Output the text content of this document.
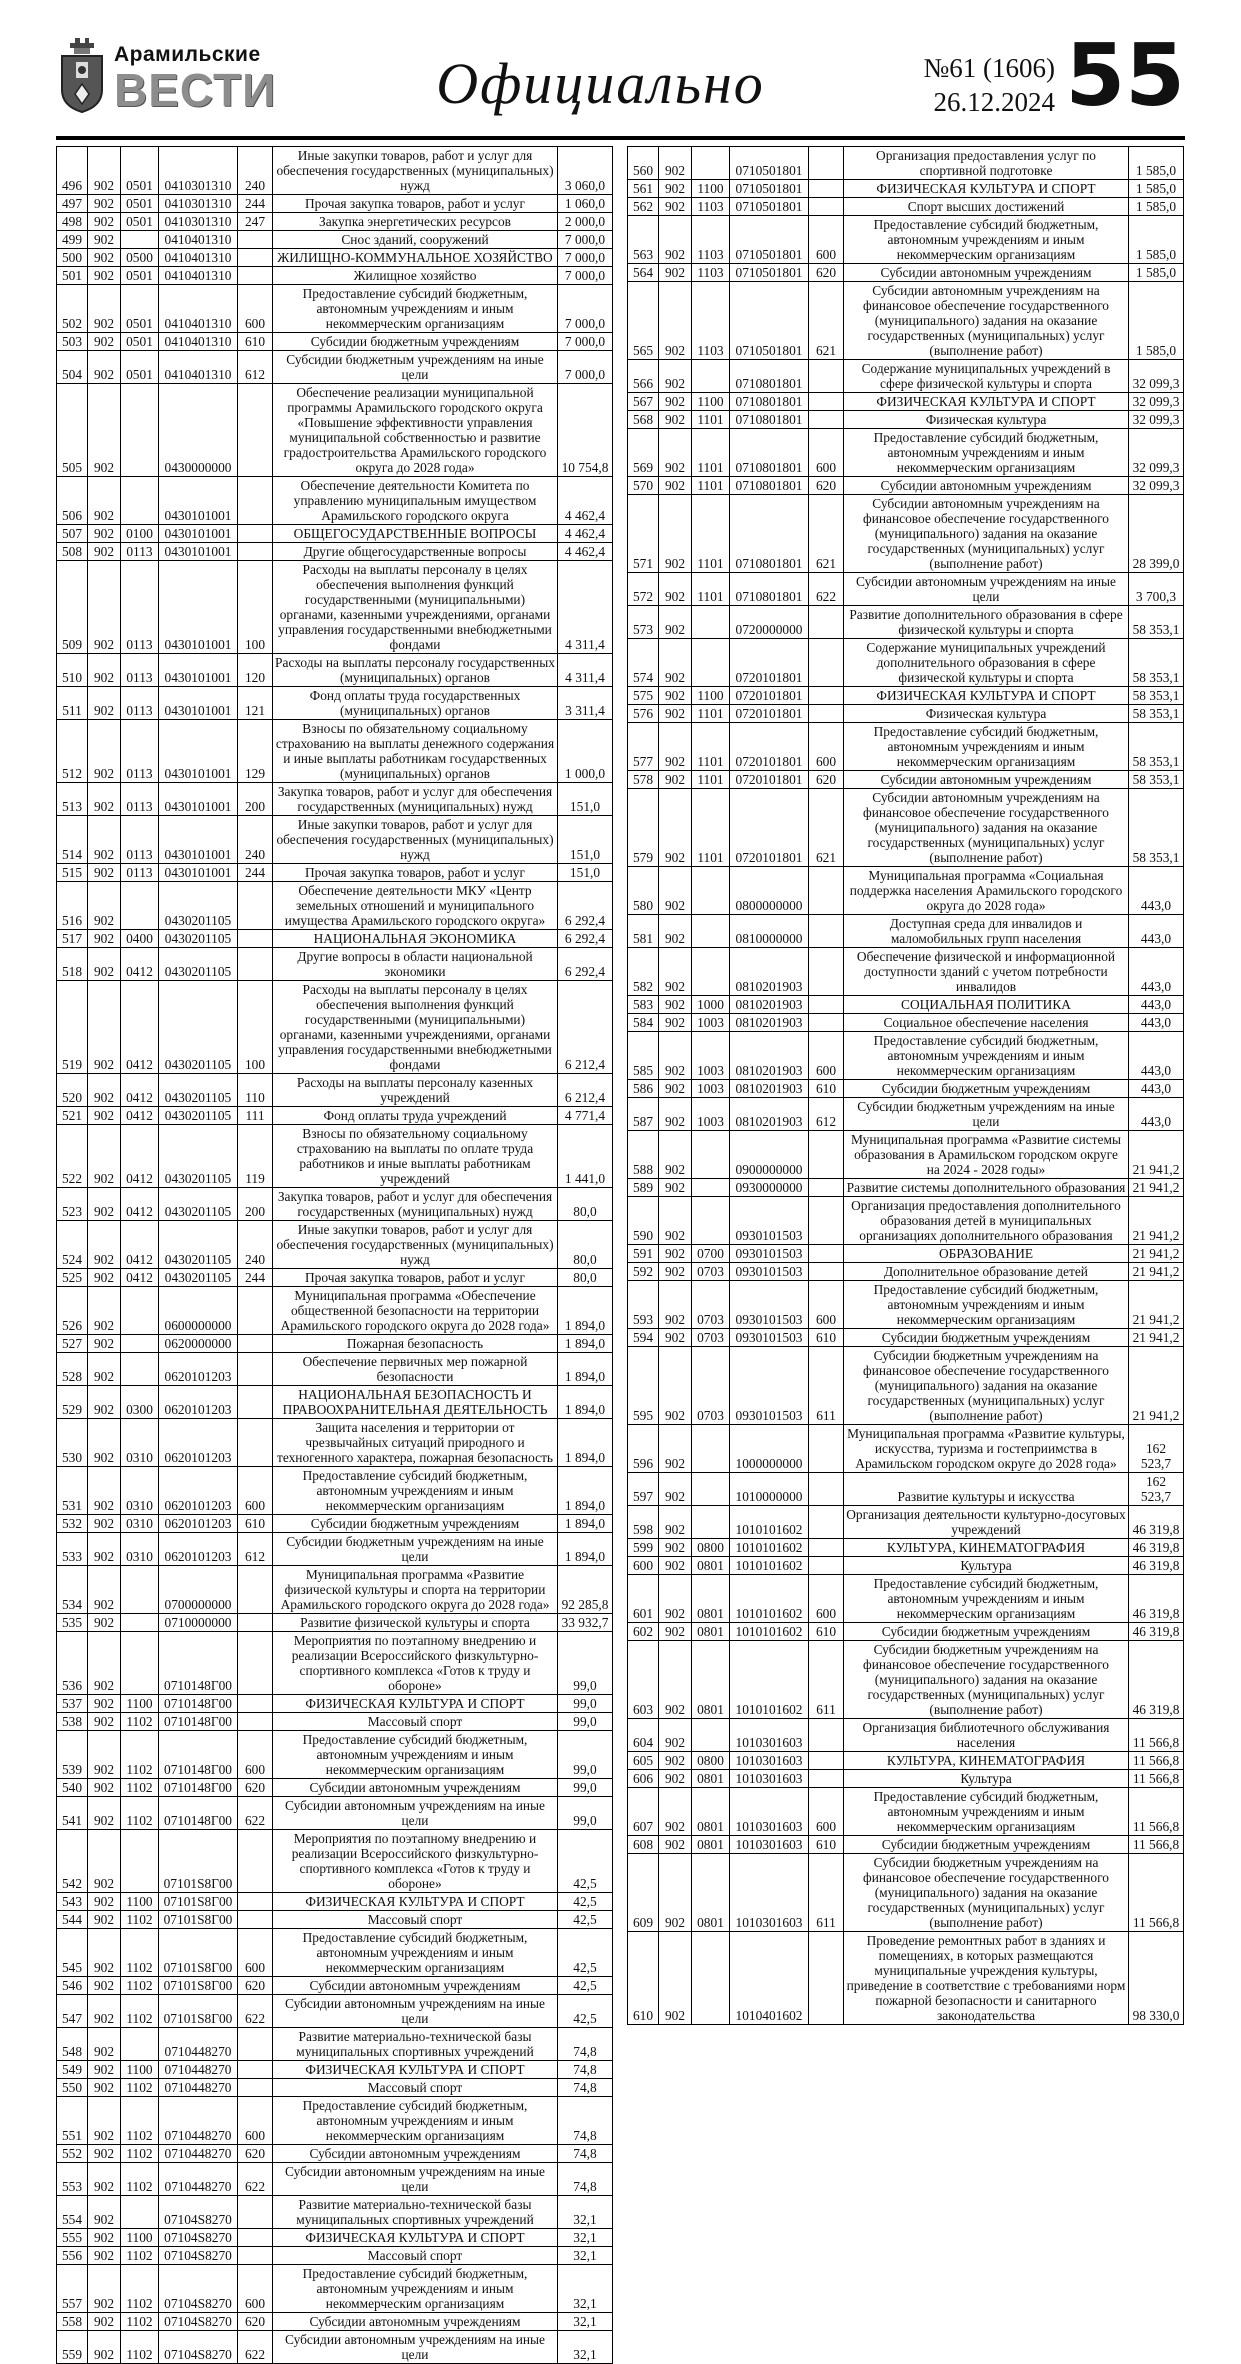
Арамильские
ВЕСТИ	Официально	№61 (1606)
26.12.2024 55
496	902	0501	0410301310	240	Иные закупки товаров, работ и услуг для обеспечения государственных (муниципальных) нужд	3 060,0
497	902	0501	0410301310	244	Прочая закупка товаров, работ и услуг	1 060,0
498	902	0501	0410301310	247	Закупка энергетических ресурсов	2 000,0
499	902		0410401310		Снос зданий, сооружений	7 000,0
500	902	0500	0410401310		ЖИЛИЩНО-КОММУНАЛЬНОЕ ХОЗЯЙСТВО	7 000,0
501	902	0501	0410401310		Жилищное хозяйство	7 000,0
502	902	0501	0410401310	600	Предоставление субсидий бюджетным, автономным учреждениям и иным некоммерческим организациям	7 000,0
503	902	0501	0410401310	610	Субсидии бюджетным учреждениям	7 000,0
504	902	0501	0410401310	612	Субсидии бюджетным учреждениям на иные цели	7 000,0
505	902		0430000000		Обеспечение реализации муниципальной программы Арамильского городского округа «Повышение эффективности управления муниципальной собственностью и развитие градостроительства Арамильского городского округа до 2028 года»	10 754,8
506	902		0430101001		Обеспечение деятельности Комитета по управлению муниципальным имуществом Арамильского городского округа	4 462,4
507	902	0100	0430101001		ОБЩЕГОСУДАРСТВЕННЫЕ ВОПРОСЫ	4 462,4
508	902	0113	0430101001		Другие общегосударственные вопросы	4 462,4
509	902	0113	0430101001	100	Расходы на выплаты персоналу в целях обеспечения выполнения функций государственными (муниципальными) органами, казенными учреждениями, органами управления государственными внебюджетными фондами	4 311,4
510	902	0113	0430101001	120	Расходы на выплаты персоналу государственных (муниципальных) органов	4 311,4
511	902	0113	0430101001	121	Фонд оплаты труда государственных (муниципальных) органов	3 311,4
512	902	0113	0430101001	129	Взносы по обязательному социальному страхованию на выплаты денежного содержания и иные выплаты работникам государственных (муниципальных) органов	1 000,0
513	902	0113	0430101001	200	Закупка товаров, работ и услуг для обеспечения государственных (муниципальных) нужд	151,0
514	902	0113	0430101001	240	Иные закупки товаров, работ и услуг для обеспечения государственных (муниципальных) нужд	151,0
515	902	0113	0430101001	244	Прочая закупка товаров, работ и услуг	151,0
516	902		0430201105		Обеспечение деятельности МКУ «Центр земельных отношений и муниципального имущества Арамильского городского округа»	6 292,4
517	902	0400	0430201105		НАЦИОНАЛЬНАЯ ЭКОНОМИКА	6 292,4
518	902	0412	0430201105		Другие вопросы в области национальной экономики	6 292,4
519	902	0412	0430201105	100	Расходы на выплаты персоналу в целях обеспечения выполнения функций государственными (муниципальными) органами, казенными учреждениями, органами управления государственными внебюджетными фондами	6 212,4
520	902	0412	0430201105	110	Расходы на выплаты персоналу казенных учреждений	6 212,4
521	902	0412	0430201105	111	Фонд оплаты труда учреждений	4 771,4
522	902	0412	0430201105	119	Взносы по обязательному социальному страхованию на выплаты по оплате труда работников и иные выплаты работникам учреждений	1 441,0
523	902	0412	0430201105	200	Закупка товаров, работ и услуг для обеспечения государственных (муниципальных) нужд	80,0
524	902	0412	0430201105	240	Иные закупки товаров, работ и услуг для обеспечения государственных (муниципальных) нужд	80,0
525	902	0412	0430201105	244	Прочая закупка товаров, работ и услуг	80,0
526	902		0600000000		Муниципальная программа «Обеспечение общественной безопасности на территории Арамильского городского округа до 2028 года»	1 894,0
527	902		0620000000		Пожарная безопасность	1 894,0
528	902		0620101203		Обеспечение первичных мер пожарной безопасности	1 894,0
529	902	0300	0620101203		НАЦИОНАЛЬНАЯ БЕЗОПАСНОСТЬ И ПРАВООХРАНИТЕЛЬНАЯ ДЕЯТЕЛЬНОСТЬ	1 894,0
530	902	0310	0620101203		Защита населения и территории от чрезвычайных ситуаций природного и техногенного характера, пожарная безопасность	1 894,0
531	902	0310	0620101203	600	Предоставление субсидий бюджетным, автономным учреждениям и иным некоммерческим организациям	1 894,0
532	902	0310	0620101203	610	Субсидии бюджетным учреждениям	1 894,0
533	902	0310	0620101203	612	Субсидии бюджетным учреждениям на иные цели	1 894,0
534	902		0700000000		Муниципальная программа «Развитие физической культуры и спорта на территории Арамильского городского округа до 2028 года»	92 285,8
535	902		0710000000		Развитие физической культуры и спорта	33 932,7
536	902		0710148Г00		Мероприятия по поэтапному внедрению и реализации Всероссийского физкультурно-спортивного комплекса «Готов к труду и обороне»	99,0
537	902	1100	0710148Г00		ФИЗИЧЕСКАЯ КУЛЬТУРА И СПОРТ	99,0
538	902	1102	0710148Г00		Массовый спорт	99,0
539	902	1102	0710148Г00	600	Предоставление субсидий бюджетным, автономным учреждениям и иным некоммерческим организациям	99,0
540	902	1102	0710148Г00	620	Субсидии автономным учреждениям	99,0
541	902	1102	0710148Г00	622	Субсидии автономным учреждениям на иные цели	99,0
542	902		07101S8Г00		Мероприятия по поэтапному внедрению и реализации Всероссийского физкультурно-спортивного комплекса «Готов к труду и обороне»	42,5
543	902	1100	07101S8Г00		ФИЗИЧЕСКАЯ КУЛЬТУРА И СПОРТ	42,5
544	902	1102	07101S8Г00		Массовый спорт	42,5
545	902	1102	07101S8Г00	600	Предоставление субсидий бюджетным, автономным учреждениям и иным некоммерческим организациям	42,5
546	902	1102	07101S8Г00	620	Субсидии автономным учреждениям	42,5
547	902	1102	07101S8Г00	622	Субсидии автономным учреждениям на иные цели	42,5
548	902		0710448270		Развитие материально-технической базы муниципальных спортивных учреждений	74,8
549	902	1100	0710448270		ФИЗИЧЕСКАЯ КУЛЬТУРА И СПОРТ	74,8
550	902	1102	0710448270		Массовый спорт	74,8
551	902	1102	0710448270	600	Предоставление субсидий бюджетным, автономным учреждениям и иным некоммерческим организациям	74,8
552	902	1102	0710448270	620	Субсидии автономным учреждениям	74,8
553	902	1102	0710448270	622	Субсидии автономным учреждениям на иные цели	74,8
554	902		07104S8270		Развитие материально-технической базы муниципальных спортивных учреждений	32,1
555	902	1100	07104S8270		ФИЗИЧЕСКАЯ КУЛЬТУРА И СПОРТ	32,1
556	902	1102	07104S8270		Массовый спорт	32,1
557	902	1102	07104S8270	600	Предоставление субсидий бюджетным, автономным учреждениям и иным некоммерческим организациям	32,1
558	902	1102	07104S8270	620	Субсидии автономным учреждениям	32,1
559	902	1102	07104S8270	622	Субсидии автономным учреждениям на иные цели	32,1
560	902		0710501801		Организация предоставления услуг по спортивной подготовке	1 585,0
561	902	1100	0710501801		ФИЗИЧЕСКАЯ КУЛЬТУРА И СПОРТ	1 585,0
562	902	1103	0710501801		Спорт высших достижений	1 585,0
563	902	1103	0710501801	600	Предоставление субсидий бюджетным, автономным учреждениям и иным некоммерческим организациям	1 585,0
564	902	1103	0710501801	620	Субсидии автономным учреждениям	1 585,0
565	902	1103	0710501801	621	Субсидии автономным учреждениям на финансовое обеспечение государственного (муниципального) задания на оказание государственных (муниципальных) услуг (выполнение работ)	1 585,0
566	902		0710801801		Содержание муниципальных учреждений в сфере физической культуры и спорта	32 099,3
567	902	1100	0710801801		ФИЗИЧЕСКАЯ КУЛЬТУРА И СПОРТ	32 099,3
568	902	1101	0710801801		Физическая культура	32 099,3
569	902	1101	0710801801	600	Предоставление субсидий бюджетным, автономным учреждениям и иным некоммерческим организациям	32 099,3
570	902	1101	0710801801	620	Субсидии автономным учреждениям	32 099,3
571	902	1101	0710801801	621	Субсидии автономным учреждениям на финансовое обеспечение государственного (муниципального) задания на оказание государственных (муниципальных) услуг (выполнение работ)	28 399,0
572	902	1101	0710801801	622	Субсидии автономным учреждениям на иные цели	3 700,3
573	902		0720000000		Развитие дополнительного образования в сфере физической культуры и спорта	58 353,1
574	902		0720101801		Содержание муниципальных учреждений дополнительного образования в сфере физической культуры и спорта	58 353,1
575	902	1100	0720101801		ФИЗИЧЕСКАЯ КУЛЬТУРА И СПОРТ	58 353,1
576	902	1101	0720101801		Физическая культура	58 353,1
577	902	1101	0720101801	600	Предоставление субсидий бюджетным, автономным учреждениям и иным некоммерческим организациям	58 353,1
578	902	1101	0720101801	620	Субсидии автономным учреждениям	58 353,1
579	902	1101	0720101801	621	Субсидии автономным учреждениям на финансовое обеспечение государственного (муниципального) задания на оказание государственных (муниципальных) услуг (выполнение работ)	58 353,1
580	902		0800000000		Муниципальная программа «Социальная поддержка населения Арамильского городского округа до 2028 года»	443,0
581	902		0810000000		Доступная среда для инвалидов и маломобильных групп населения	443,0
582	902		0810201903		Обеспечение физической и информационной доступности зданий с учетом потребности инвалидов	443,0
583	902	1000	0810201903		СОЦИАЛЬНАЯ ПОЛИТИКА	443,0
584	902	1003	0810201903		Социальное обеспечение населения	443,0
585	902	1003	0810201903	600	Предоставление субсидий бюджетным, автономным учреждениям и иным некоммерческим организациям	443,0
586	902	1003	0810201903	610	Субсидии бюджетным учреждениям	443,0
587	902	1003	0810201903	612	Субсидии бюджетным учреждениям на иные цели	443,0
588	902		0900000000		Муниципальная программа «Развитие системы образования в Арамильском городском округе на 2024 - 2028 годы»	21 941,2
589	902		0930000000		Развитие системы дополнительного образования	21 941,2
590	902		0930101503		Организация предоставления дополнительного образования детей в муниципальных организациях дополнительного образования	21 941,2
591	902	0700	0930101503		ОБРАЗОВАНИЕ	21 941,2
592	902	0703	0930101503		Дополнительное образование детей	21 941,2
593	902	0703	0930101503	600	Предоставление субсидий бюджетным, автономным учреждениям и иным некоммерческим организациям	21 941,2
594	902	0703	0930101503	610	Субсидии бюджетным учреждениям	21 941,2
595	902	0703	0930101503	611	Субсидии бюджетным учреждениям на финансовое обеспечение государственного (муниципального) задания на оказание государственных (муниципальных) услуг (выполнение работ)	21 941,2
596	902		1000000000		Муниципальная программа «Развитие культуры, искусства, туризма и гостеприимства в Арамильском городском округе до 2028 года»	162 523,7
597	902		1010000000		Развитие культуры и искусства	162 523,7
598	902		1010101602		Организация деятельности культурно-досуговых учреждений	46 319,8
599	902	0800	1010101602		КУЛЬТУРА, КИНЕМАТОГРАФИЯ	46 319,8
600	902	0801	1010101602		Культура	46 319,8
601	902	0801	1010101602	600	Предоставление субсидий бюджетным, автономным учреждениям и иным некоммерческим организациям	46 319,8
602	902	0801	1010101602	610	Субсидии бюджетным учреждениям	46 319,8
603	902	0801	1010101602	611	Субсидии бюджетным учреждениям на финансовое обеспечение государственного (муниципального) задания на оказание государственных (муниципальных) услуг (выполнение работ)	46 319,8
604	902		1010301603		Организация библиотечного обслуживания населения	11 566,8
605	902	0800	1010301603		КУЛЬТУРА, КИНЕМАТОГРАФИЯ	11 566,8
606	902	0801	1010301603		Культура	11 566,8
607	902	0801	1010301603	600	Предоставление субсидий бюджетным, автономным учреждениям и иным некоммерческим организациям	11 566,8
608	902	0801	1010301603	610	Субсидии бюджетным учреждениям	11 566,8
609	902	0801	1010301603	611	Субсидии бюджетным учреждениям на финансовое обеспечение государственного (муниципального) задания на оказание государственных (муниципальных) услуг (выполнение работ)	11 566,8
610	902		1010401602		Проведение ремонтных работ в зданиях и помещениях, в которых размещаются муниципальные учреждения культуры, приведение в соответствие с требованиями норм пожарной безопасности и санитарного законодательства	98 330,0
